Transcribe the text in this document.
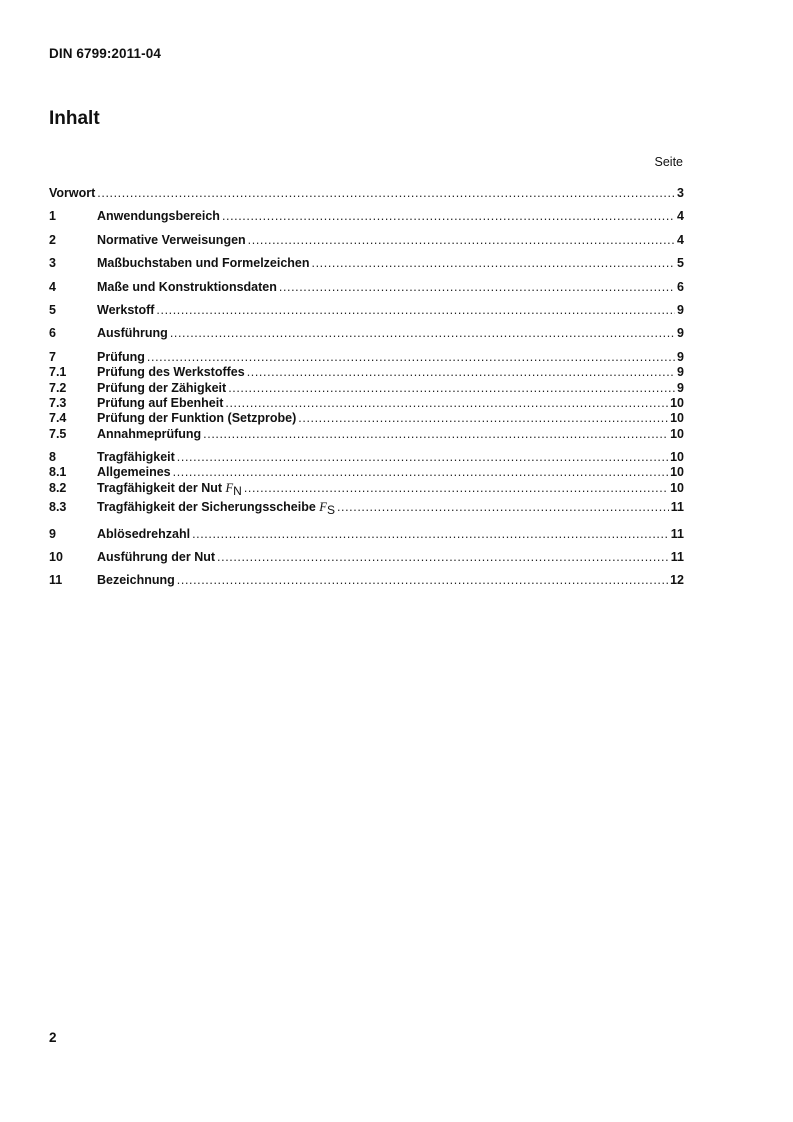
DIN 6799:2011-04
Inhalt
Seite
Vorwort .....	3
1	Anwendungsbereich .....	4
2	Normative Verweisungen .....	4
3	Maßbuchstaben und Formelzeichen .....	5
4	Maße und Konstruktionsdaten .....	6
5	Werkstoff .....	9
6	Ausführung .....	9
7	Prüfung .....	9
7.1	Prüfung des Werkstoffes .....	9
7.2	Prüfung der Zähigkeit .....	9
7.3	Prüfung auf Ebenheit .....	10
7.4	Prüfung der Funktion (Setzprobe) .....	10
7.5	Annahmeprüfung .....	10
8	Tragfähigkeit .....	10
8.1	Allgemeines .....	10
8.2	Tragfähigkeit der Nut FN .....	10
8.3	Tragfähigkeit der Sicherungsscheibe FS .....	11
9	Ablösedrehzahl .....	11
10	Ausführung der Nut .....	11
11	Bezeichnung .....	12
2
